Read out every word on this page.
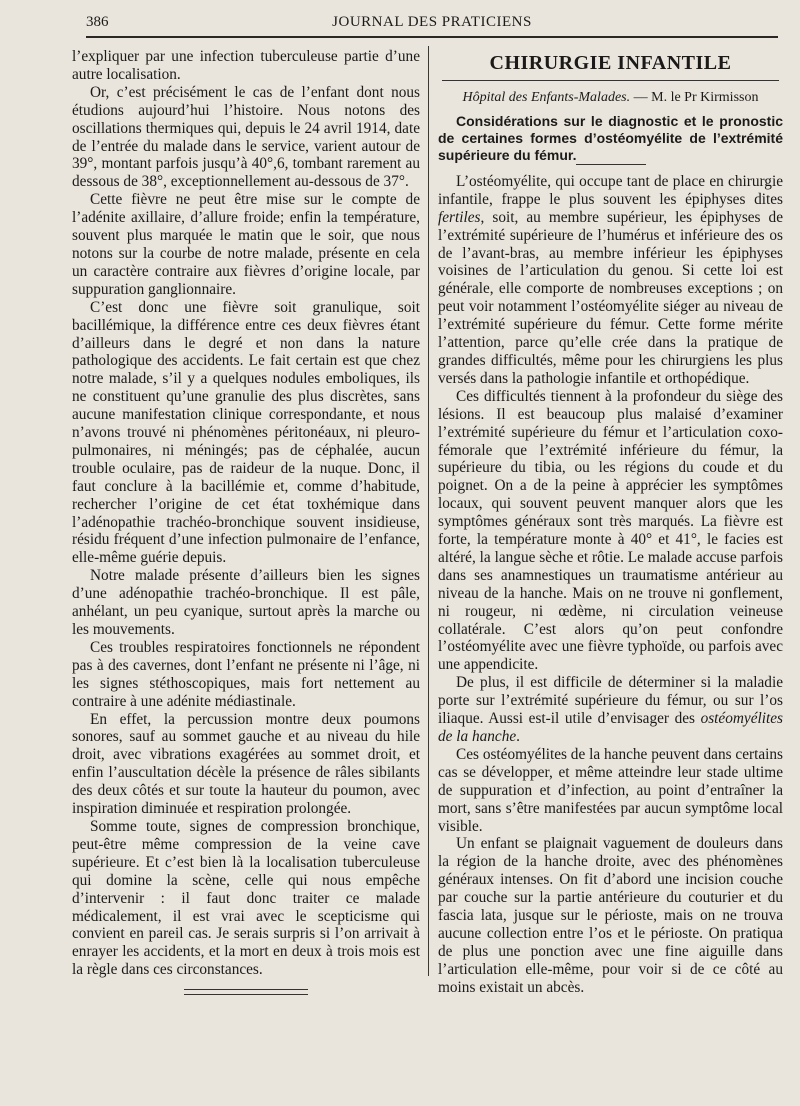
386	JOURNAL DES PRATICIENS

l’expliquer par une infection tuberculeuse partie d’une autre localisation.

Or, c’est précisément le cas de l’enfant dont nous étudions aujourd’hui l’histoire. Nous notons des oscillations thermiques qui, depuis le 24 avril 1914, date de l’entrée du malade dans le service, varient autour de 39°, montant parfois jusqu’à 40°,6, tombant rarement au dessous de 38°, exceptionnellement au-dessous de 37°.

Cette fièvre ne peut être mise sur le compte de l’adénite axillaire, d’allure froide; enfin la température, souvent plus marquée le matin que le soir, que nous notons sur la courbe de notre malade, présente en cela un caractère contraire aux fièvres d’origine locale, par suppuration ganglionnaire.

C’est donc une fièvre soit granulique, soit bacillémique, la différence entre ces deux fièvres étant d’ailleurs dans le degré et non dans la nature pathologique des accidents. Le fait certain est que chez notre malade, s’il y a quelques nodules emboliques, ils ne constituent qu’une granulie des plus discrètes, sans aucune manifestation clinique correspondante, et nous n’avons trouvé ni phénomènes péritonéaux, ni pleuro-pulmonaires, ni méningés; pas de céphalée, aucun trouble oculaire, pas de raideur de la nuque. Donc, il faut conclure à la bacillémie et, comme d’habitude, rechercher l’origine de cet état toxhémique dans l’adénopathie trachéo-bronchique souvent insidieuse, résidu fréquent d’une infection pulmonaire de l’enfance, elle-même guérie depuis.

Notre malade présente d’ailleurs bien les signes d’une adénopathie trachéo-bronchique. Il est pâle, anhélant, un peu cyanique, surtout après la marche ou les mouvements.

Ces troubles respiratoires fonctionnels ne répondent pas à des cavernes, dont l’enfant ne présente ni l’âge, ni les signes stéthoscopiques, mais fort nettement au contraire à une adénite médiastinale.

En effet, la percussion montre deux poumons sonores, sauf au sommet gauche et au niveau du hile droit, avec vibrations exagérées au sommet droit, et enfin l’auscultation décèle la présence de râles sibilants des deux côtés et sur toute la hauteur du poumon, avec inspiration diminuée et respiration prolongée.

Somme toute, signes de compression bronchique, peut-être même compression de la veine cave supérieure. Et c’est bien là la localisation tuberculeuse qui domine la scène, celle qui nous empêche d’intervenir : il faut donc traiter ce malade médicalement, il est vrai avec le scepticisme qui convient en pareil cas. Je serais surpris si l’on arrivait à enrayer les accidents, et la mort en deux à trois mois est la règle dans ces circonstances.

CHIRURGIE INFANTILE
Hôpital des Enfants-Malades. — M. le Pr Kirmisson

Considérations sur le diagnostic et le pronostic de certaines formes d’ostéomyélite de l’extrémité supérieure du fémur.

L’ostéomyélite, qui occupe tant de place en chirurgie infantile, frappe le plus souvent les épiphyses dites fertiles, soit, au membre supérieur, les épiphyses de l’extrémité supérieure de l’humérus et inférieure des os de l’avant-bras, au membre inférieur les épiphyses voisines de l’articulation du genou. Si cette loi est générale, elle comporte de nombreuses exceptions ; on peut voir notamment l’ostéomyélite siéger au niveau de l’extrémité supérieure du fémur. Cette forme mérite l’attention, parce qu’elle crée dans la pratique de grandes difficultés, même pour les chirurgiens les plus versés dans la pathologie infantile et orthopédique.

Ces difficultés tiennent à la profondeur du siège des lésions. Il est beaucoup plus malaisé d’examiner l’extrémité supérieure du fémur et l’articulation coxo-fémorale que l’extrémité inférieure du fémur, la supérieure du tibia, ou les régions du coude et du poignet. On a de la peine à apprécier les symptômes locaux, qui souvent peuvent manquer alors que les symptômes généraux sont très marqués. La fièvre est forte, la température monte à 40° et 41°, le facies est altéré, la langue sèche et rôtie. Le malade accuse parfois dans ses anamnestiques un traumatisme antérieur au niveau de la hanche. Mais on ne trouve ni gonflement, ni rougeur, ni œdème, ni circulation veineuse collatérale. C’est alors qu’on peut confondre l’ostéomyélite avec une fièvre typhoïde, ou parfois avec une appendicite.

De plus, il est difficile de déterminer si la maladie porte sur l’extrémité supérieure du fémur, ou sur l’os iliaque. Aussi est-il utile d’envisager des ostéomyélites de la hanche.

Ces ostéomyélites de la hanche peuvent dans certains cas se développer, et même atteindre leur stade ultime de suppuration et d’infection, au point d’entraîner la mort, sans s’être manifestées par aucun symptôme local visible.

Un enfant se plaignait vaguement de douleurs dans la région de la hanche droite, avec des phénomènes généraux intenses. On fit d’abord une incision couche par couche sur la partie antérieure du couturier et du fascia lata, jusque sur le périoste, mais on ne trouva aucune collection entre l’os et le périoste. On pratiqua de plus une ponction avec une fine aiguille dans l’articulation elle-même, pour voir si de ce côté au moins existait un abcès.
